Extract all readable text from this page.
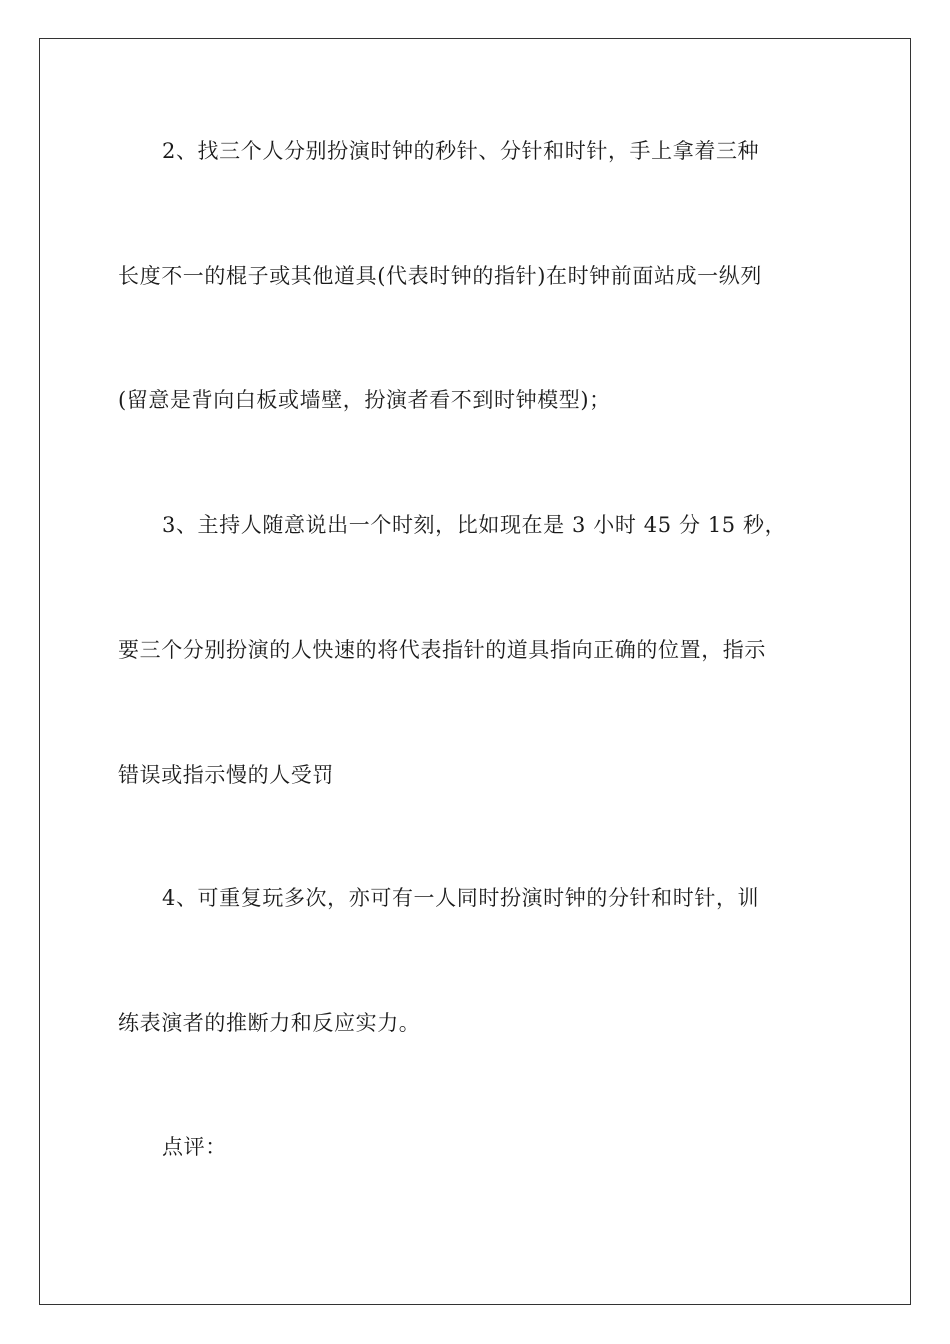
2、找三个人分别扮演时钟的秒针、分针和时针，手上拿着三种
长度不一的棍子或其他道具(代表时钟的指针)在时钟前面站成一纵列
(留意是背向白板或墙壁，扮演者看不到时钟模型)；
3、主持人随意说出一个时刻，比如现在是 3 小时 45 分 15 秒，
要三个分别扮演的人快速的将代表指针的道具指向正确的位置，指示
错误或指示慢的人受罚
4、可重复玩多次，亦可有一人同时扮演时钟的分针和时针，训
练表演者的推断力和反应实力。
点评：
